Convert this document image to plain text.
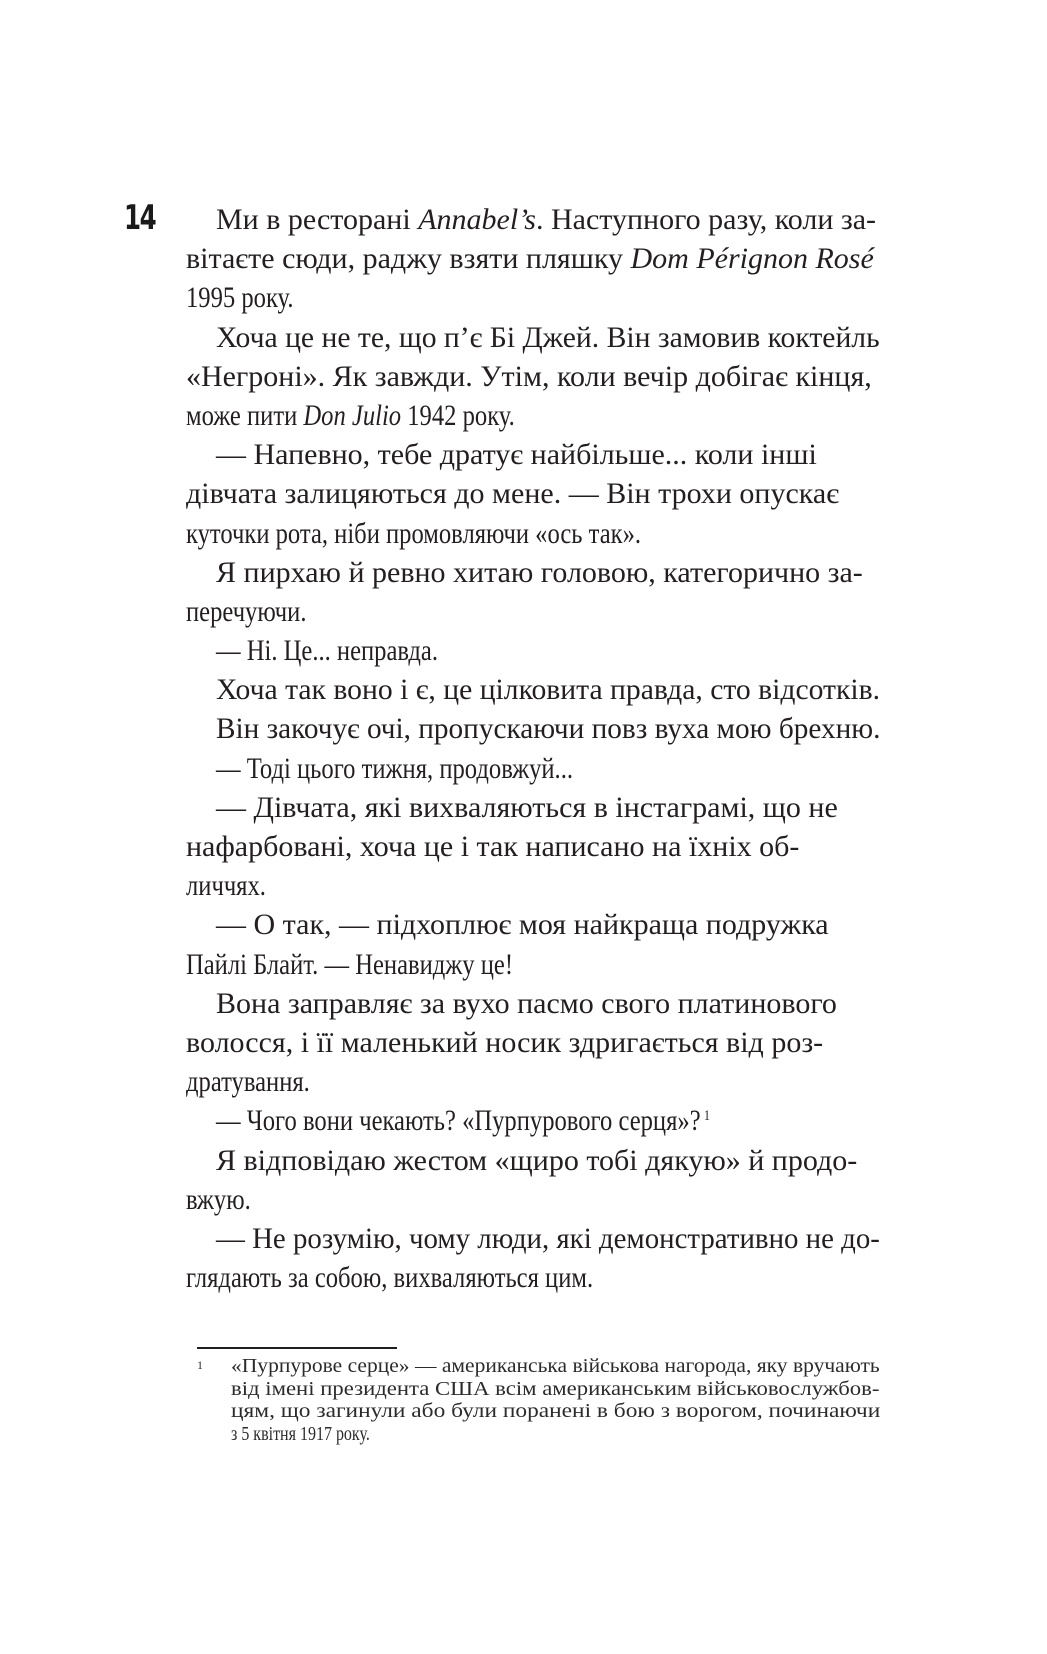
14	Ми в ресторані Annabel’s. Наступного разу, коли за-
вітаєте сюди, раджу взяти пляшку Dom Pérignon Rosé
1995 року.
Хоча це не те, що п’є Бі Джей. Він замовив коктейль
«Негроні». Як завжди. Утім, коли вечір добігає кінця,
може пити Don Julio 1942 року.
— Напевно, тебе дратує найбільше... коли інші
дівчата залицяються до мене. — Він трохи опускає
куточки рота, ніби промовляючи «ось так».
Я пирхаю й ревно хитаю головою, категорично за-
перечуючи.
— Ні. Це... неправда.
Хоча так воно і є, це цілковита правда, сто відсотків.
Він закочує очі, пропускаючи повз вуха мою брехню.
— Тоді цього тижня, продовжуй...
— Дівчата, які вихваляються в інстаграмі, що не
нафарбовані, хоча це і так написано на їхніх об-
личчях.
— О так, — підхоплює моя найкраща подружка
Пайлі Блайт. — Ненавиджу це!
Вона заправляє за вухо пасмо свого платинового
волосся, і її маленький носик здригається від роз-
дратування.
— Чого вони чекають? «Пурпурового серця»? $^1$
Я відповідаю жестом «щиро тобі дякую» й продо-
вжую.
— Не розумію, чому люди, які демонстративно не до-
глядають за собою, вихваляються цим.
1 «Пурпурове серце» — американська військова нагорода, яку вручають
від імені президента США всім американським військовослужбов-
цям, що загинули або були поранені в бою з ворогом, починаючи
з 5 квітня 1917 року.
